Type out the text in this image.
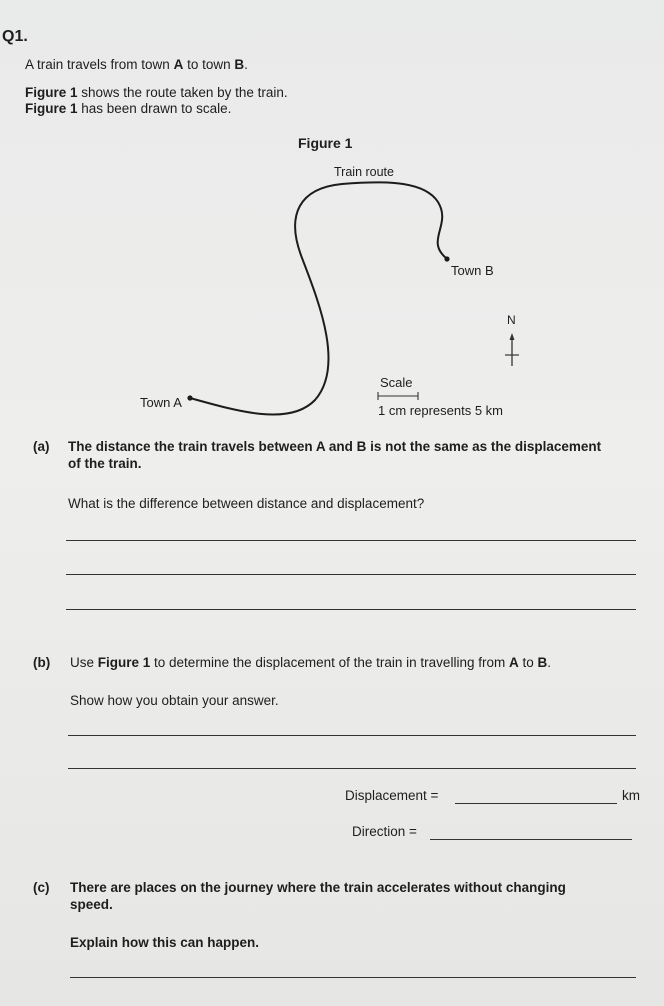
Q1.
A train travels from town A to town B.
Figure 1 shows the route taken by the train.
Figure 1 has been drawn to scale.
Figure 1
Train route
Town A
Town B
N
Scale
1 cm represents 5 km
(a) The distance the train travels between A and B is not the same as the displacement
of the train.
What is the difference between distance and displacement?
(b) Use Figure 1 to determine the displacement of the train in travelling from A to B.
Show how you obtain your answer.
Displacement =	km
Direction =
(c) There are places on the journey where the train accelerates without changing
speed.
Explain how this can happen.
